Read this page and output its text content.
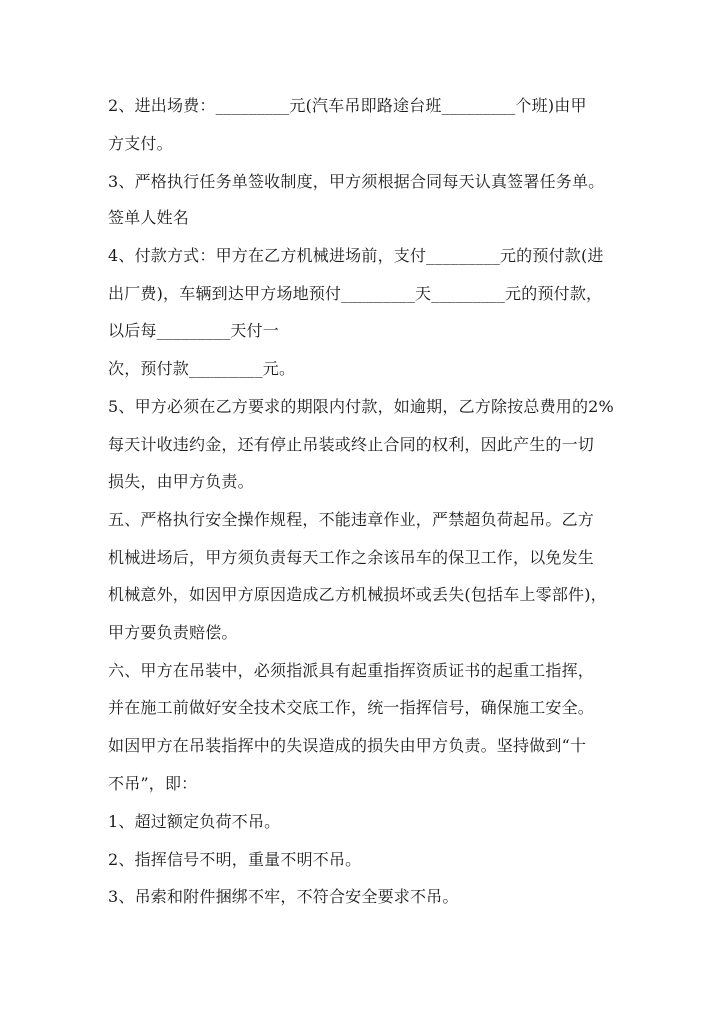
2、进出场费：_________元(汽车吊即路途台班_________个班)由甲
方支付。
3、严格执行任务单签收制度，甲方须根据合同每天认真签署任务单。
签单人姓名
4、付款方式：甲方在乙方机械进场前，支付_________元的预付款(进
出厂费)，车辆到达甲方场地预付_________天_________元的预付款，
以后每_________天付一
次，预付款_________元。
5、甲方必须在乙方要求的期限内付款，如逾期，乙方除按总费用的2%
每天计收违约金，还有停止吊装或终止合同的权利，因此产生的一切
损失，由甲方负责。
五、严格执行安全操作规程，不能违章作业，严禁超负荷起吊。乙方
机械进场后，甲方须负责每天工作之余该吊车的保卫工作，以免发生
机械意外，如因甲方原因造成乙方机械损坏或丢失(包括车上零部件)，
甲方要负责赔偿。
六、甲方在吊装中，必须指派具有起重指挥资质证书的起重工指挥，
并在施工前做好安全技术交底工作，统一指挥信号，确保施工安全。
如因甲方在吊装指挥中的失误造成的损失由甲方负责。坚持做到“十
不吊”，即：
1、超过额定负荷不吊。
2、指挥信号不明，重量不明不吊。
3、吊索和附件捆绑不牢，不符合安全要求不吊。
